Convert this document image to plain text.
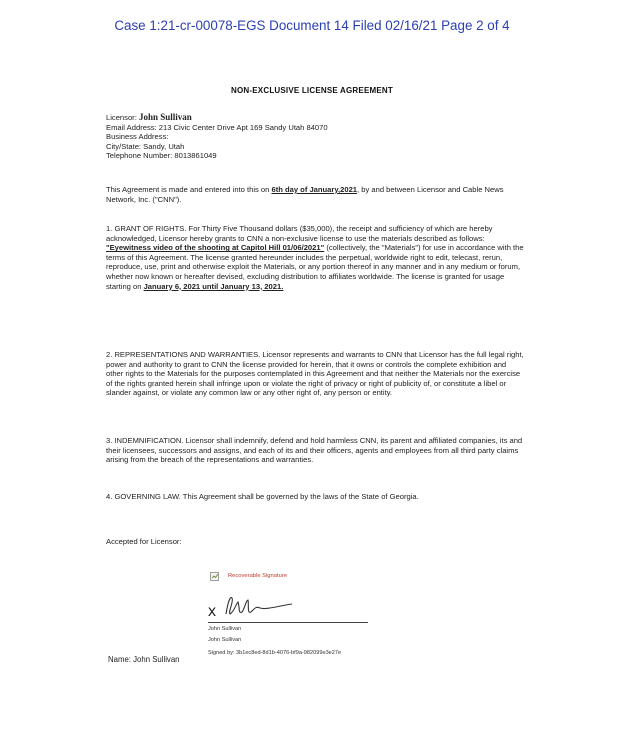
Case 1:21-cr-00078-EGS Document 14 Filed 02/16/21 Page 2 of 4
NON-EXCLUSIVE LICENSE AGREEMENT

Licensor: John Sullivan

Email Address: 213 Civic Center Drive Apt 169 Sandy Utah 84070

Business Address:

City/State: Sandy, Utah

Telephone Number: 8013861049

This Agreement is made and entered into this on 6th day of January,2021, by and between Licensor and Cable News Network, Inc. ("CNN").

1. GRANT OF RIGHTS. For Thirty Five Thousand dollars ($35,000), the receipt and sufficiency of which are hereby acknowledged, Licensor hereby grants to CNN a non-exclusive license to use the materials described as follows: "Eyewitness video of the shooting at Capitol Hill 01/06/2021" (collectively, the "Materials") for use in accordance with the terms of this Agreement. The license granted hereunder includes the perpetual, worldwide right to edit, telecast, rerun, reproduce, use, print and otherwise exploit the Materials, or any portion thereof in any manner and in any medium or forum, whether now known or hereafter devised, excluding distribution to affiliates worldwide. The license is granted for usage starting on January 6, 2021 until January 13, 2021.

2. REPRESENTATIONS AND WARRANTIES. Licensor represents and warrants to CNN that Licensor has the full legal right, power and authority to grant to CNN the license provided for herein, that it owns or controls the complete exhibition and other rights to the Materials for the purposes contemplated in this Agreement and that neither the Materials nor the exercise of the rights granted herein shall infringe upon or violate the right of privacy or right of publicity of, or constitute a libel or slander against, or violate any common law or any other right of, any person or entity.

3. INDEMNIFICATION. Licensor shall indemnify, defend and hold harmless CNN, its parent and affiliated companies, its and their licensees, successors and assigns, and each of its and their officers, agents and employees from all third party claims arising from the breach of the representations and warranties.

4. GOVERNING LAW. This Agreement shall be governed by the laws of the State of Georgia.

Accepted for Licensor:
Recoverable Signature
x
John Sullivan
John Sullivan
Signed by: 3b1ec8ed-8d1b-4076-bf9a-982099e3e27e
Name: John Sullivan
